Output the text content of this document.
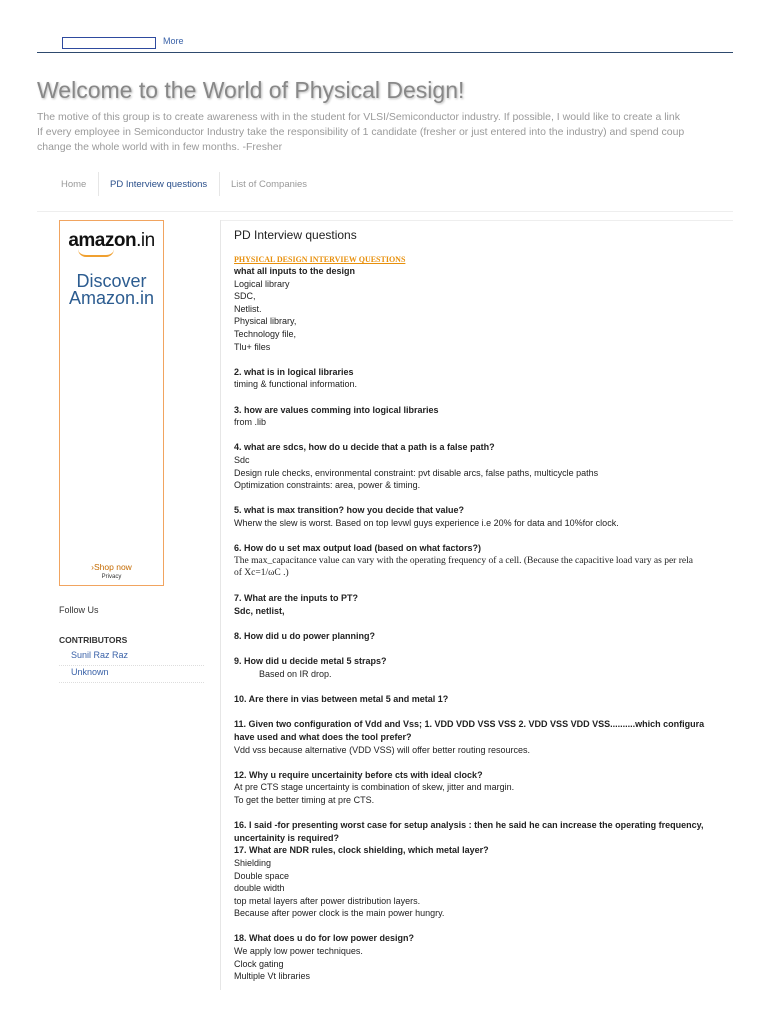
More
Welcome to the World of Physical Design!

The motive of this group is to create awareness with in the student for VLSI/Semiconductor industry. If possible, I would like to create a link

If every employee in Semiconductor Industry take the responsibility of 1 candidate (fresher or just entered into the industry) and spend coup

change the whole world with in few months. -Fresher

Home PD Interview questions	List of Companies
amazon.in
Discover
Amazon.in
›Shop now
Privacy
Follow Us
CONTRIBUTORS
Sunil Raz Raz
Unknown
PD Interview questions
PHYSICAL DESIGN INTERVIEW QUESTIONS
what all inputs to the design
Logical library
SDC,
Netlist.
Physical library,
Technology file,
Tlu+ files
2. what is in logical libraries
timing & functional information.
3. how are values comming into logical libraries
from .lib
4. what are sdcs, how do u decide that a path is a false path?
Sdc
Design rule checks, environmental constraint: pvt disable arcs, false paths, multicycle paths
Optimization constraints: area, power & timing.
5. what is max transition? how you decide that value?
Wherw the slew is worst. Based on top levwl guys experience i.e 20% for data and 10%for clock.
6. How do u set max output load (based on what factors?)
The max_capacitance value can vary with the operating frequency of a cell. (Because the capacitive load vary as per rela
of Xc=1/ωC .)
7. What are the inputs to PT?
Sdc, netlist,
8. How did u do power planning?
9. How did u decide metal 5 straps?
Based on IR drop.
10. Are there in vias between metal 5 and metal 1?
11. Given two configuration of Vdd and Vss; 1. VDD VDD VSS VSS 2. VDD VSS VDD VSS..........which configura
have used and what does the tool prefer?
Vdd vss because alternative (VDD VSS) will offer better routing resources.
12. Why u require uncertainity before cts with ideal clock?
At pre CTS stage uncertainty is combination of skew, jitter and margin.
To get the better timing at pre CTS.
16. I said -for presenting worst case for setup analysis : then he said he can increase the operating frequency,
uncertainity is required?
17. What are NDR rules, clock shielding, which metal layer?
Shielding
Double space
double width
top metal layers after power distribution layers.
Because after power clock is the main power hungry.
18. What does u do for low power design?
We apply low power techniques.
Clock gating
Multiple Vt libraries
